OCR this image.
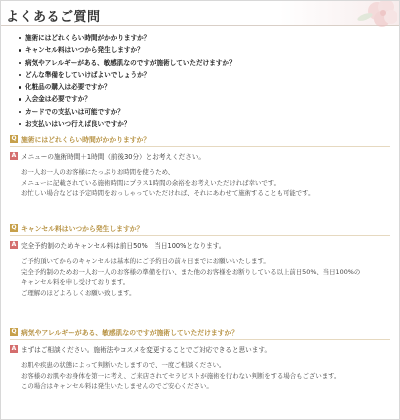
よくあるご質問
施術にはどれくらい時間がかかりますか？
キャンセル料はいつから発生しますか？
病気やアレルギーがある、敏感肌なのですが施術していただけますか？
どんな準備をしていけばよいでしょうか？
化粧品の購入は必要ですか？
入会金は必要ですか？
カードでの支払いは可能ですか？
お支払いはいつ行えば良いですか？
Q 施術にはどれくらい時間がかかりますか？
A メニューの施術時間＋1時間（前後30分）とお考えください。

お一人お一人のお客様にたっぷりお時間を使うため、

メニューに記載されている施術時間にプラス1時間の余裕をお考えいただければ幸いです。

お忙しい場合などは予定時間をおっしゃっていただければ、それにあわせて施術することも可能です。

Q キャンセル料はいつから発生しますか？
A 完全予約制のためキャンセル料は前日50%　当日100%となります。

ご予約頂いてからのキャンセルは基本的にご予約日の前々日までにお願いいたします。

完全予約制のためお一人お一人のお客様の準備を行い、また他のお客様をお断りしている以上前日50%、当日100%の

キャンセル料を申し受けております。

ご理解のほどよろしくお願い致します。

Q 病気やアレルギーがある、敏感肌なのですが施術していただけますか？
A まずはご相談ください。施術法やコスメを変更することでご対応できると思います。

お肌や疾患の状態によって判断いたしますので、一度ご相談ください。

お客様のお肌やお身体を第一に考え、ご来店されてセラピストが施術を行わない判断をする場合もございます。

この場合はキャンセル料は発生いたしませんのでご安心ください。
